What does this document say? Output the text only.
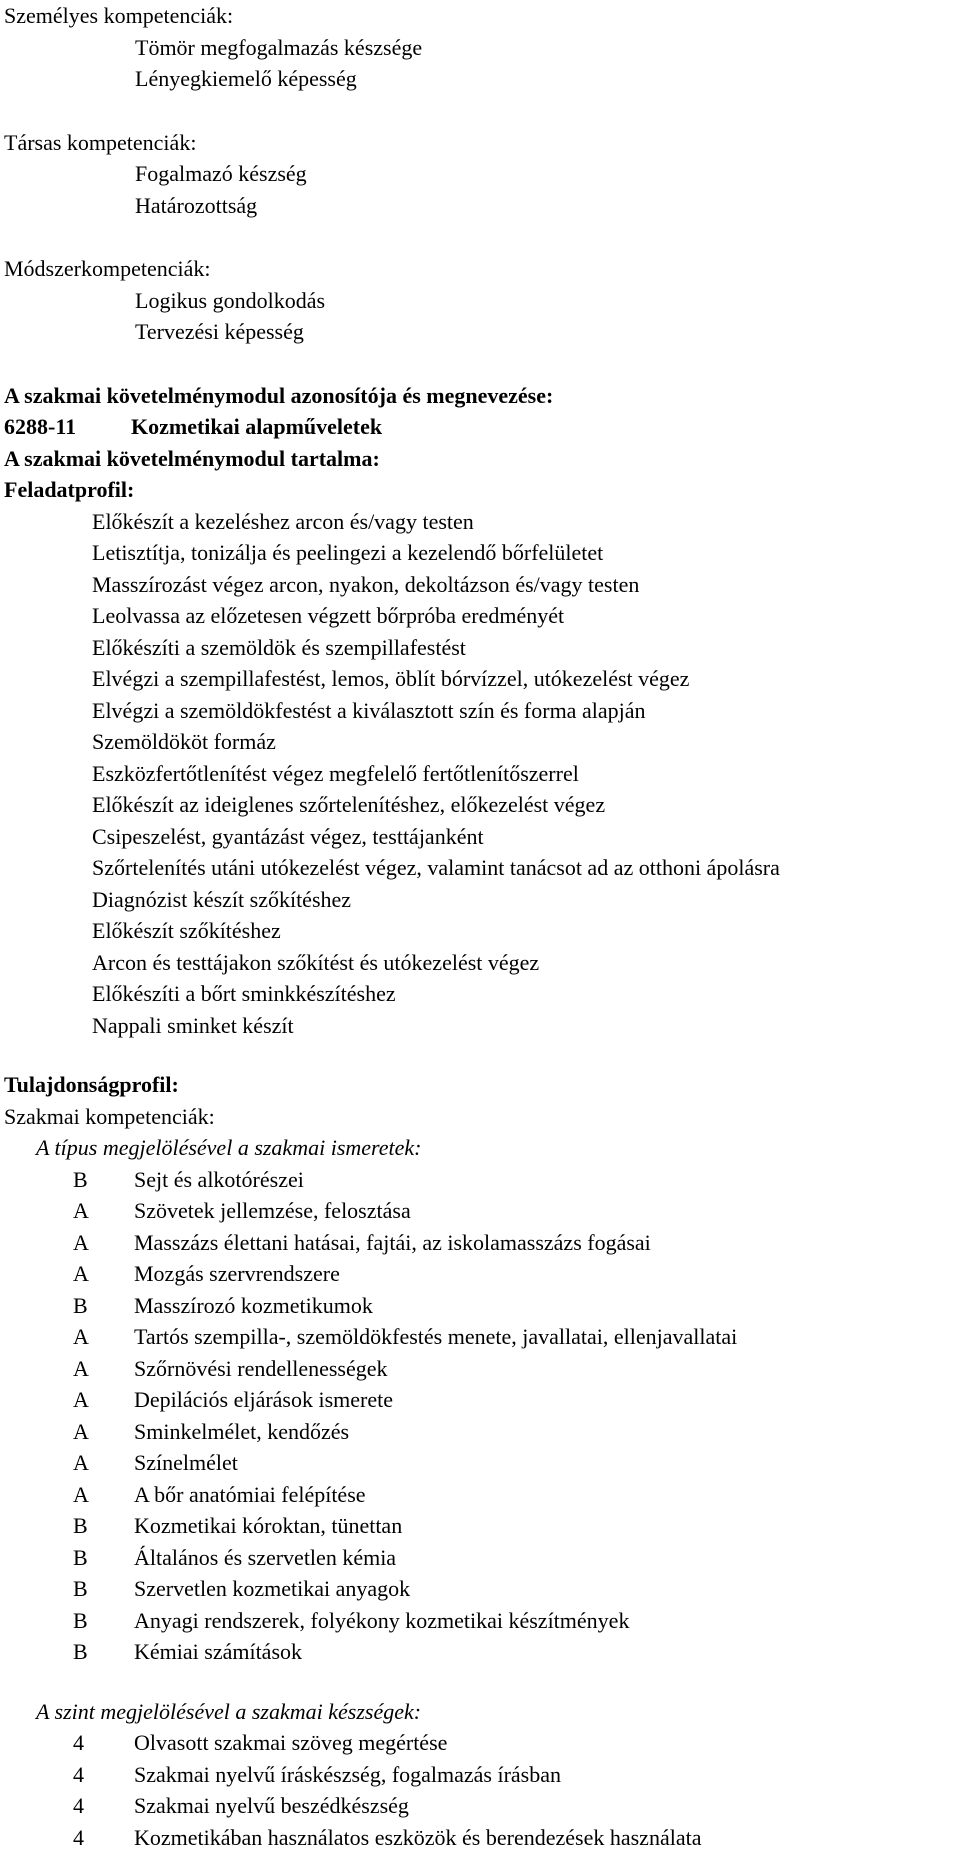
Személyes kompetenciák:
Tömör megfogalmazás készsége
Lényegkiemelő képesség
Társas kompetenciák:
Fogalmazó készség
Határozottság
Módszerkompetenciák:
Logikus gondolkodás
Tervezési képesség
A szakmai követelménymodul azonosítója és megnevezése:
6288-11 Kozmetikai alapműveletek
A szakmai követelménymodul tartalma:
Feladatprofil:
Előkészít a kezeléshez arcon és/vagy testen
Letisztítja, tonizálja és peelingezi a kezelendő bőrfelületet
Masszírozást végez arcon, nyakon, dekoltázson és/vagy testen
Leolvassa az előzetesen végzett bőrpróba eredményét
Előkészíti a szemöldök és szempillafestést
Elvégzi a szempillafestést, lemos, öblít bórvízzel, utókezelést végez
Elvégzi a szemöldökfestést a kiválasztott szín és forma alapján
Szemöldököt formáz
Eszközfertőtlenítést végez megfelelő fertőtlenítőszerrel
Előkészít az ideiglenes szőrtelenítéshez, előkezelést végez
Csipeszelést, gyantázást végez, testtájanként
Szőrtelenítés utáni utókezelést végez, valamint tanácsot ad az otthoni ápolásra
Diagnózist készít szőkítéshez
Előkészít szőkítéshez
Arcon és testtájakon szőkítést és utókezelést végez
Előkészíti a bőrt sminkkészítéshez
Nappali sminket készít
Tulajdonságprofil:
Szakmai kompetenciák:
A típus megjelölésével a szakmai ismeretek:
B Sejt és alkotórészei
A Szövetek jellemzése, felosztása
A Masszázs élettani hatásai, fajtái, az iskolamasszázs fogásai
A Mozgás szervrendszere
B Masszírozó kozmetikumok
A Tartós szempilla-, szemöldökfestés menete, javallatai, ellenjavallatai
A Szőrnövési rendellenességek
A Depilációs eljárások ismerete
A Sminkelmélet, kendőzés
A Színelmélet
A A bőr anatómiai felépítése
B Kozmetikai kóroktan, tünettan
B Általános és szervetlen kémia
B Szervetlen kozmetikai anyagok
B Anyagi rendszerek, folyékony kozmetikai készítmények
B Kémiai számítások
A szint megjelölésével a szakmai készségek:
4 Olvasott szakmai szöveg megértése
4 Szakmai nyelvű íráskészség, fogalmazás írásban
4 Szakmai nyelvű beszédkészség
4 Kozmetikában használatos eszközök és berendezések használata
